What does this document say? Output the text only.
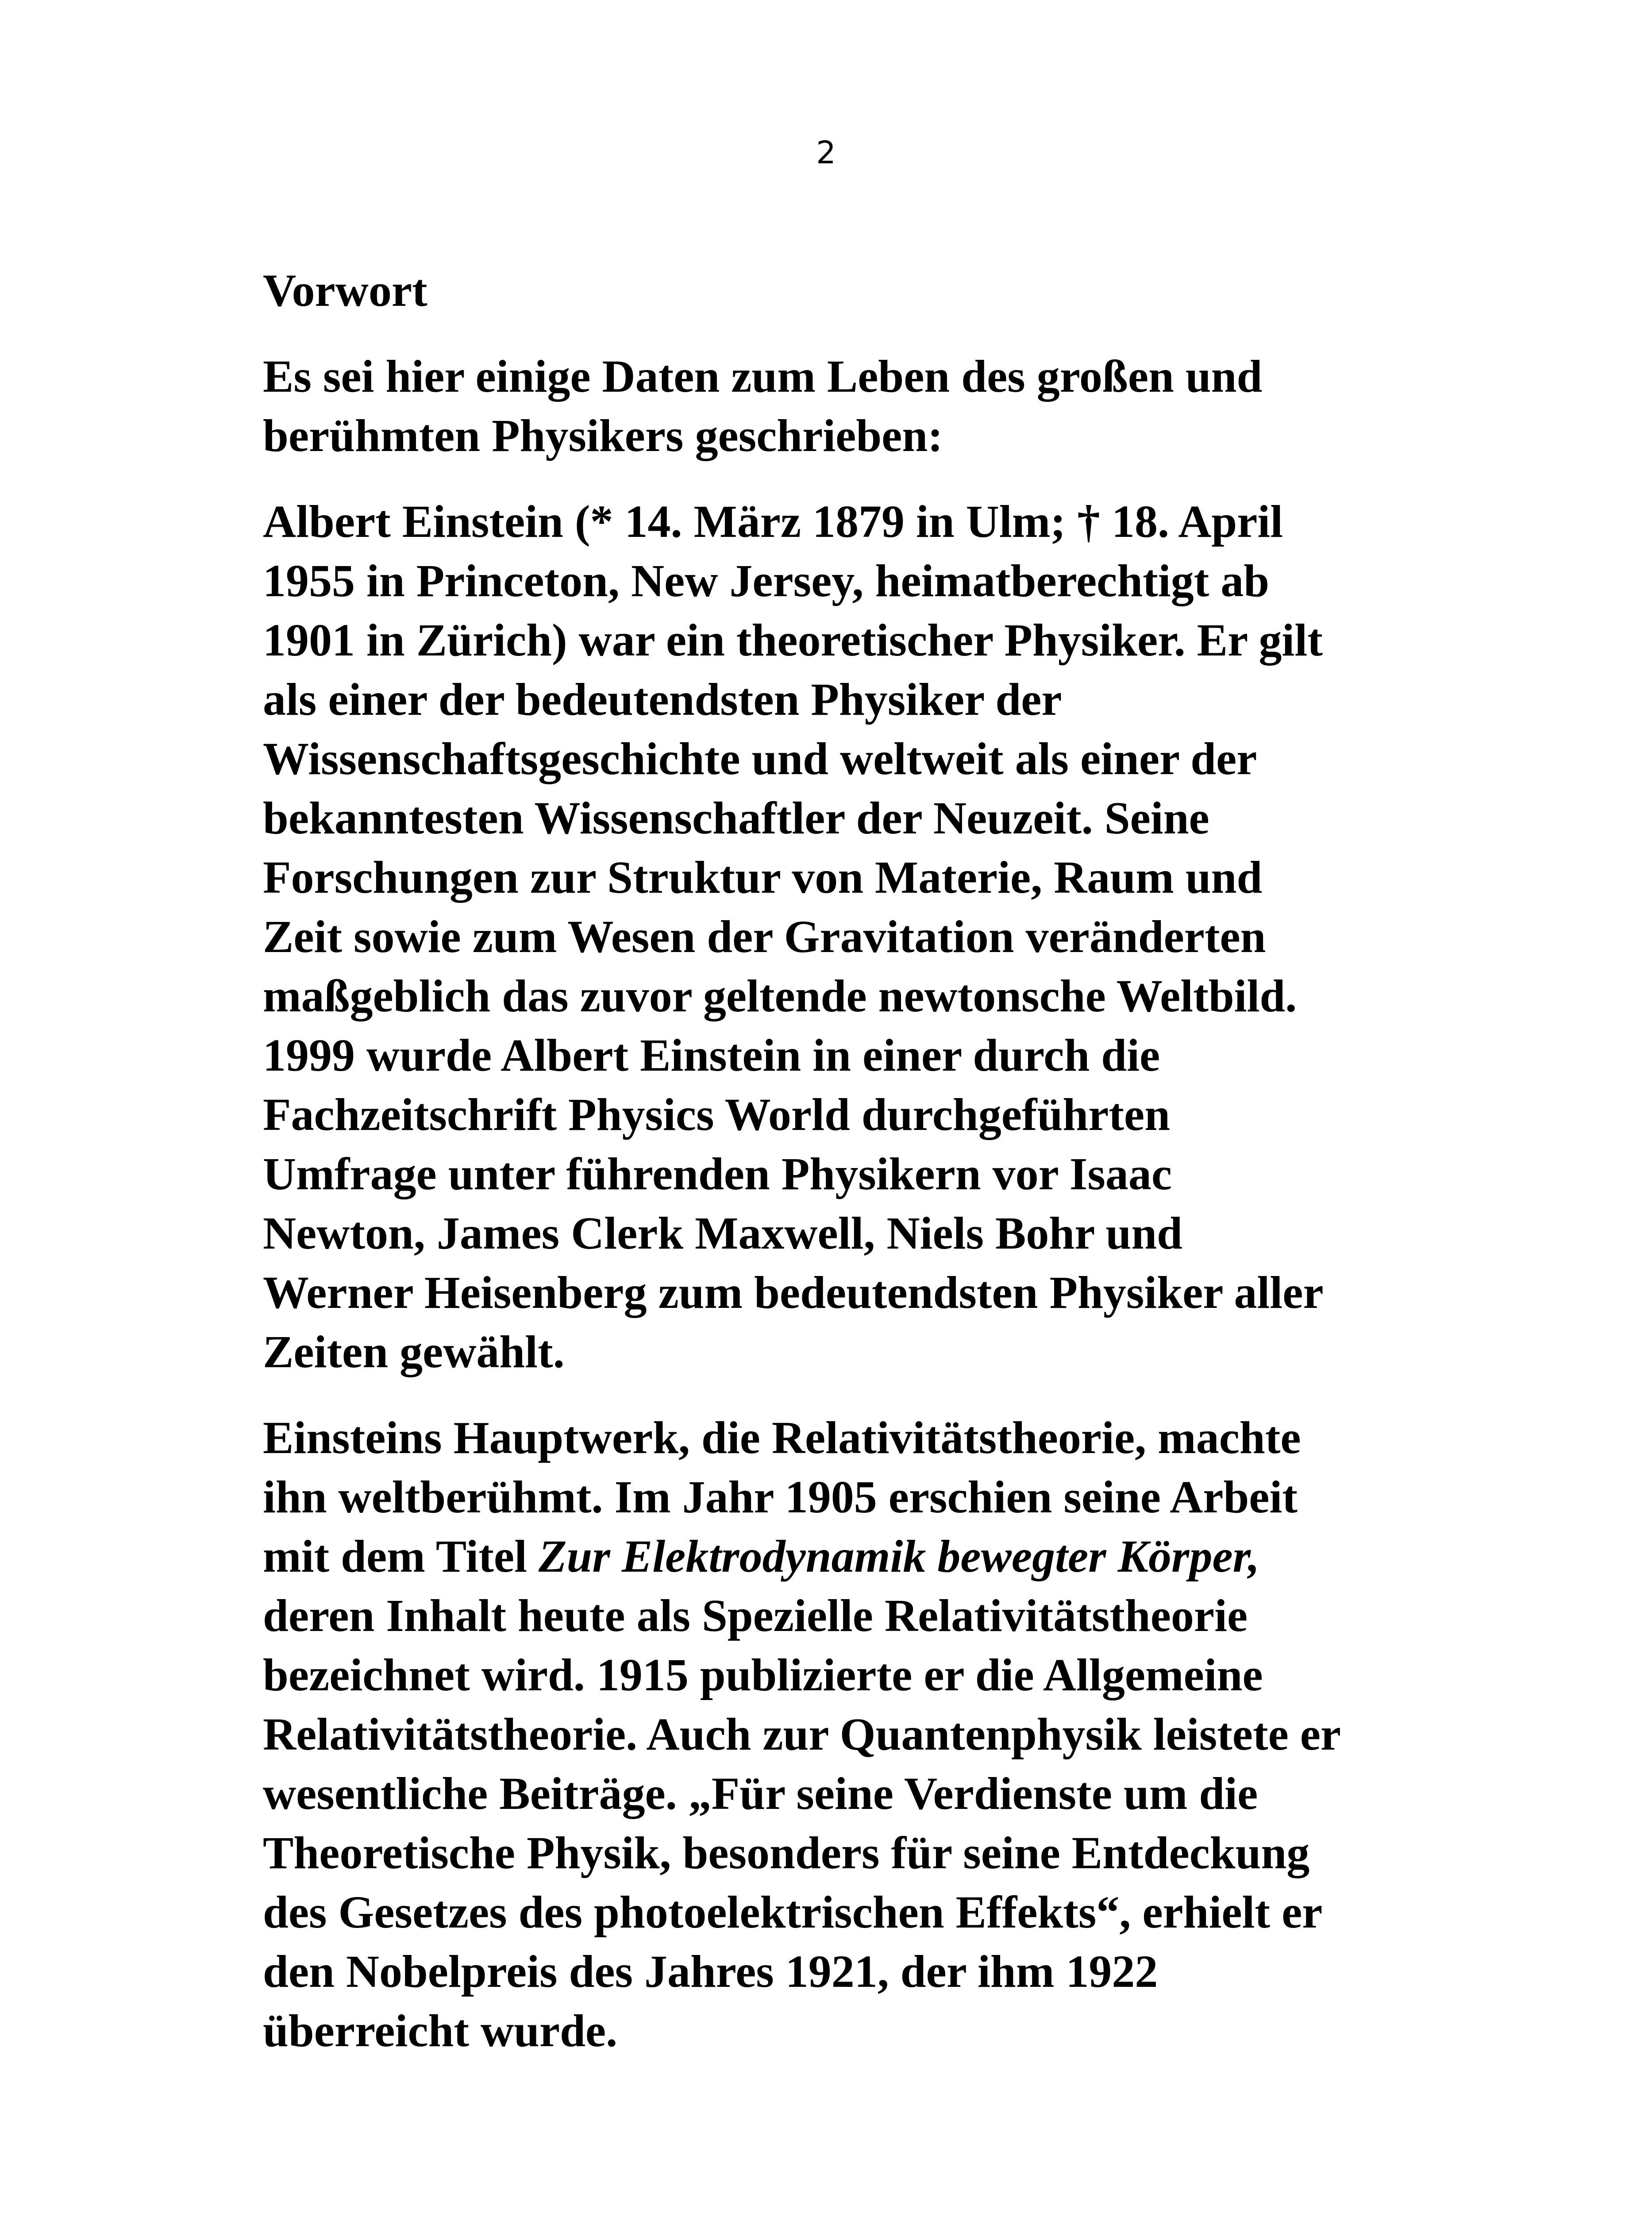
2

Vorwort

Es sei hier einige Daten zum Leben des großen und
berühmten Physikers geschrieben:

Albert Einstein (* 14. März 1879 in Ulm; † 18. April
1955 in Princeton, New Jersey, heimatberechtigt ab
1901 in Zürich) war ein theoretischer Physiker. Er gilt
als einer der bedeutendsten Physiker der
Wissenschaftsgeschichte und weltweit als einer der
bekanntesten Wissenschaftler der Neuzeit. Seine
Forschungen zur Struktur von Materie, Raum und
Zeit sowie zum Wesen der Gravitation veränderten
maßgeblich das zuvor geltende newtonsche Weltbild.
1999 wurde Albert Einstein in einer durch die
Fachzeitschrift Physics World durchgeführten
Umfrage unter führenden Physikern vor Isaac
Newton, James Clerk Maxwell, Niels Bohr und
Werner Heisenberg zum bedeutendsten Physiker aller
Zeiten gewählt.

Einsteins Hauptwerk, die Relativitätstheorie, machte
ihn weltberühmt. Im Jahr 1905 erschien seine Arbeit
mit dem Titel Zur Elektrodynamik bewegter Körper,
deren Inhalt heute als Spezielle Relativitätstheorie
bezeichnet wird. 1915 publizierte er die Allgemeine
Relativitätstheorie. Auch zur Quantenphysik leistete er
wesentliche Beiträge. „Für seine Verdienste um die
Theoretische Physik, besonders für seine Entdeckung
des Gesetzes des photoelektrischen Effekts“, erhielt er
den Nobelpreis des Jahres 1921, der ihm 1922
überreicht wurde.
